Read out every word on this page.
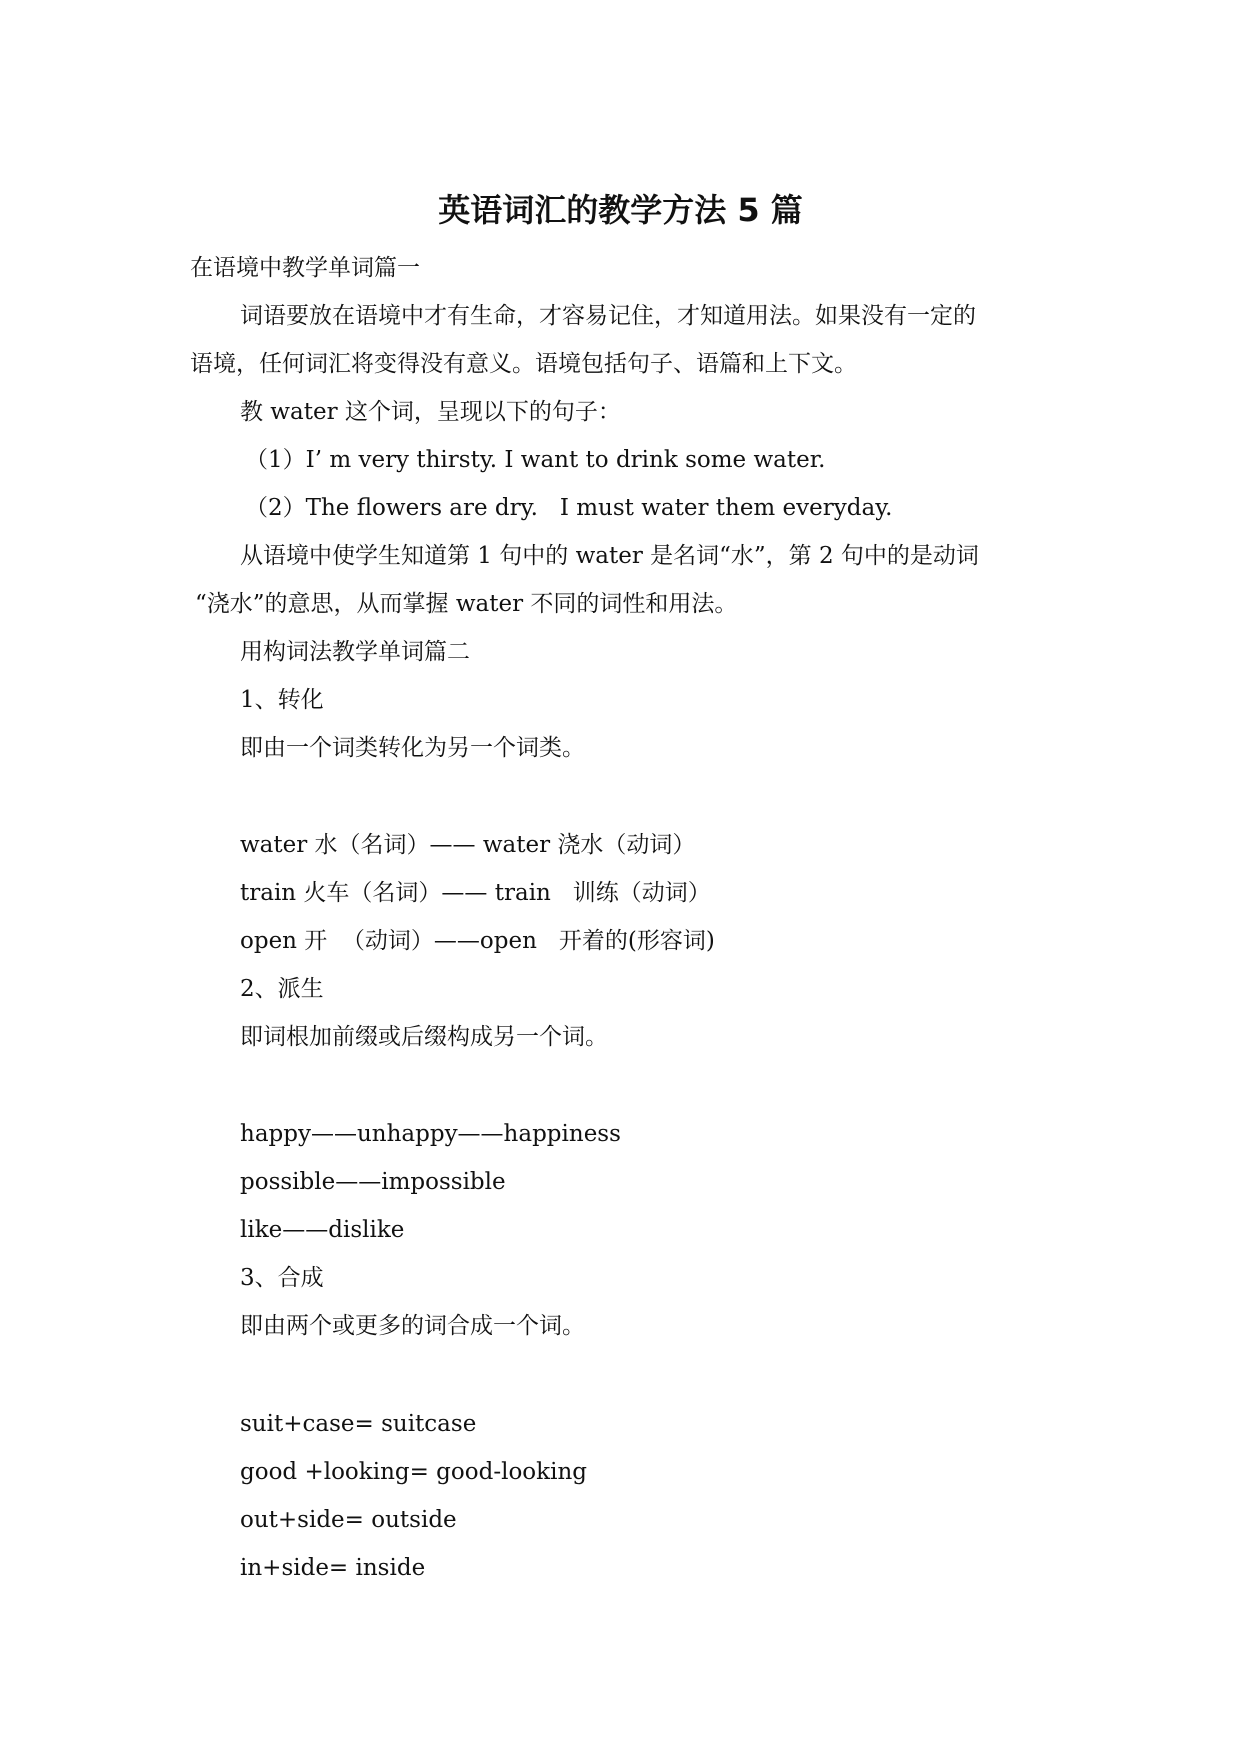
英语词汇的教学方法 5 篇

在语境中教学单词篇一

词语要放在语境中才有生命，才容易记住，才知道用法。如果没有一定的

语境，任何词汇将变得没有意义。语境包括句子、语篇和上下文。

教 water 这个词，呈现以下的句子：

（1）I’ m very thirsty. I want to drink some water.

（2）The flowers are dry.   I must water them everyday.

从语境中使学生知道第 1 句中的 water 是名词“水”，第 2 句中的是动词

“浇水”的意思，从而掌握 water 不同的词性和用法。

用构词法教学单词篇二

1、转化

即由一个词类转化为另一个词类。

water 水（名词）—— water 浇水（动词）

train 火车（名词）—— train   训练（动词）

open 开  （动词）——open   开着的(形容词)

2、派生

即词根加前缀或后缀构成另一个词。

happy——unhappy——happiness

possible——impossible

like——dislike

3、合成

即由两个或更多的词合成一个词。

suit+case= suitcase

good +looking= good-looking

out+side= outside

in+side= inside
